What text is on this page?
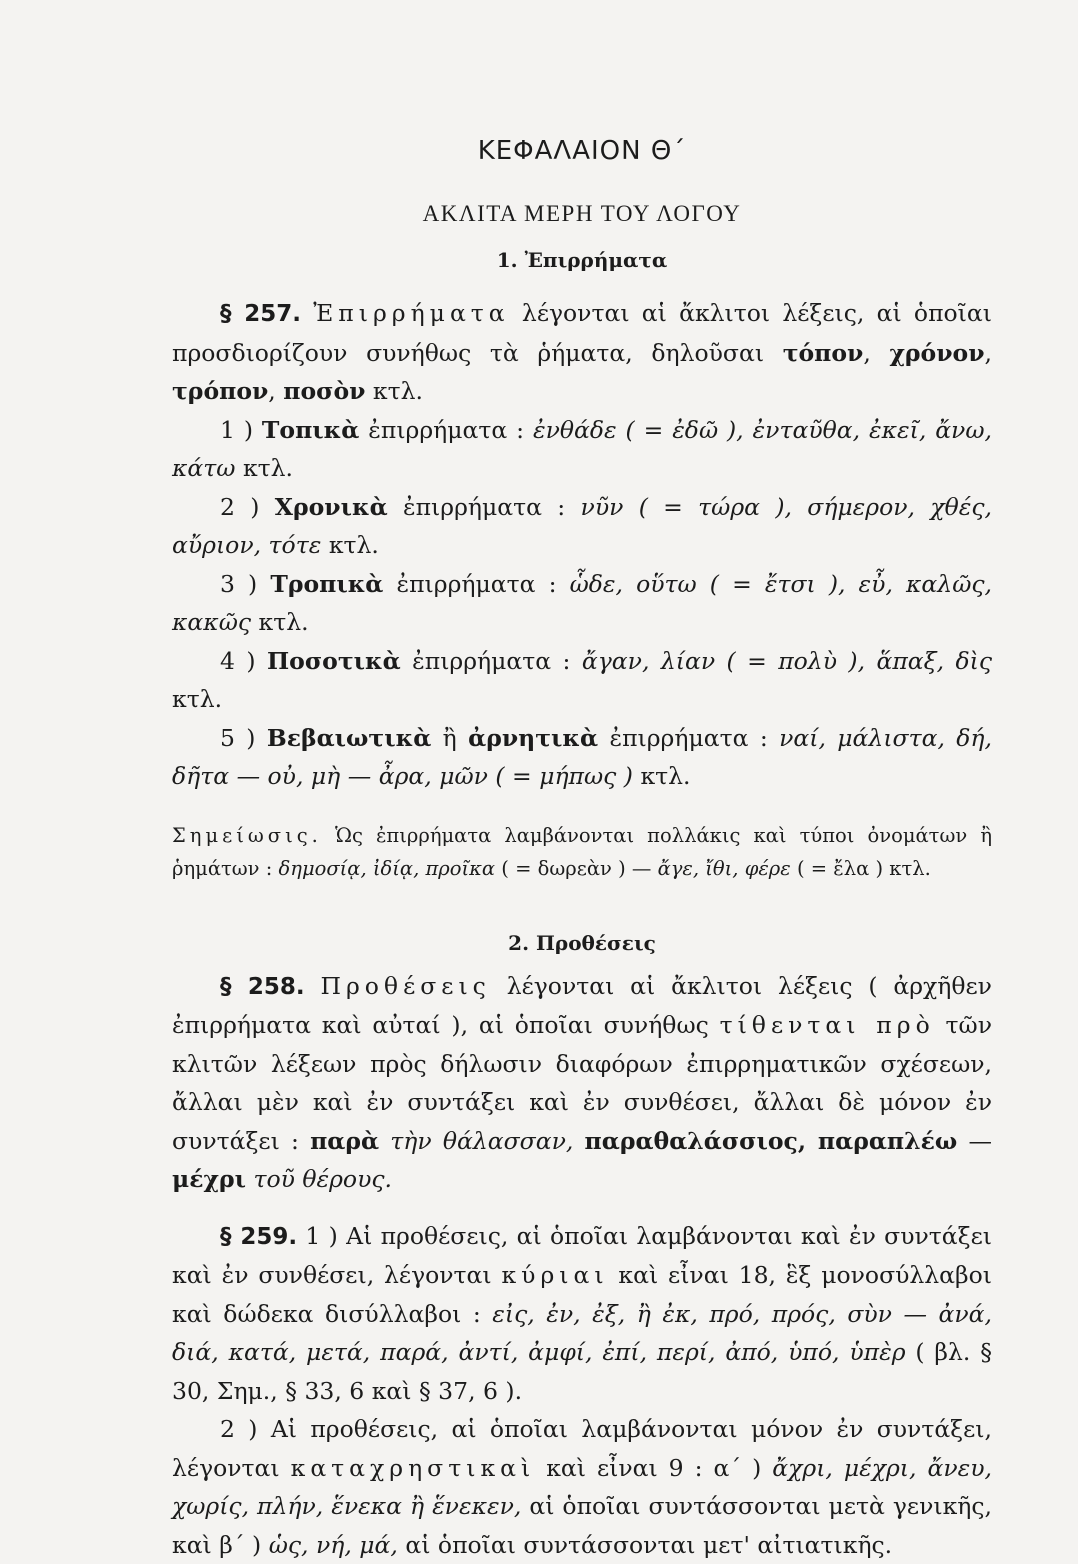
ΚΕΦΑΛΑΙΟΝ Θ΄
ΑΚΛΙΤΑ ΜΕΡΗ ΤΟΥ ΛΟΓΟΥ
1. Ἐπιρρήματα

§ 257. Ἐπιρρήματα λέγονται αἱ ἄκλιτοι λέξεις, αἱ ὁποῖαι προσδιορίζουν συνήθως τὰ ῥήματα, δηλοῦσαι τόπον, χρόνον, τρόπον, ποσὸν κτλ.

1 ) Τοπικὰ ἐπιρρήματα : ἐνθάδε ( = ἐδῶ ), ἐνταῦθα, ἐκεῖ, ἄνω, κάτω κτλ.

2 ) Χρονικὰ ἐπιρρήματα : νῦν ( = τώρα ), σήμερον, χθές, αὔριον, τότε κτλ.

3 ) Τροπικὰ ἐπιρρήματα : ὧδε, οὕτω ( = ἔτσι ), εὖ, καλῶς, κακῶς κτλ.

4 ) Ποσοτικὰ ἐπιρρήματα : ἄγαν, λίαν ( = πολὺ ), ἅπαξ, δὶς κτλ.

5 ) Βεβαιωτικὰ ἢ ἀρνητικὰ ἐπιρρήματα : ναί, μάλιστα, δή, δῆτα — οὐ, μὴ — ἆρα, μῶν ( = μήπως ) κτλ.

Σημείωσις. Ὡς ἐπιρρήματα λαμβάνονται πολλάκις καὶ τύποι ὀνομάτων ἢ ῥημάτων : δημοσίᾳ, ἰδίᾳ, προῖκα ( = δωρεὰν ) — ἄγε, ἴθι, φέρε ( = ἔλα ) κτλ.

2. Προθέσεις

§ 258. Προθέσεις λέγονται αἱ ἄκλιτοι λέξεις ( ἀρχῆθεν ἐπιρρήματα καὶ αὐταί ), αἱ ὁποῖαι συνήθως τίθενται πρὸ τῶν κλιτῶν λέξεων πρὸς δήλωσιν διαφόρων ἐπιρρηματικῶν σχέσεων, ἄλλαι μὲν καὶ ἐν συντάξει καὶ ἐν συνθέσει, ἄλλαι δὲ μόνον ἐν συντάξει : παρὰ τὴν θάλασσαν, παραθαλάσσιος, παραπλέω — μέχρι τοῦ θέρους.

§ 259. 1 ) Αἱ προθέσεις, αἱ ὁποῖαι λαμβάνονται καὶ ἐν συντάξει καὶ ἐν συνθέσει, λέγονται κύριαι καὶ εἶναι 18, ἓξ μονοσύλλαβοι καὶ δώδεκα δισύλλαβοι : εἰς, ἐν, ἐξ, ἢ ἐκ, πρό, πρός, σὺν — ἀνά, διά, κατά, μετά, παρά, ἀντί, ἀμφί, ἐπί, περί, ἀπό, ὑπό, ὑπὲρ ( βλ. § 30, Σημ., § 33, 6 καὶ § 37, 6 ).

2 ) Αἱ προθέσεις, αἱ ὁποῖαι λαμβάνονται μόνον ἐν συντάξει, λέγονται καταχρηστικαὶ καὶ εἶναι 9 : α΄ ) ἄχρι, μέχρι, ἄνευ, χωρίς, πλήν, ἕνεκα ἢ ἕνεκεν, αἱ ὁποῖαι συντάσσονται μετὰ γενικῆς, καὶ β΄ ) ὡς, νή, μά, αἱ ὁποῖαι συντάσσονται μετ' αἰτιατικῆς.
